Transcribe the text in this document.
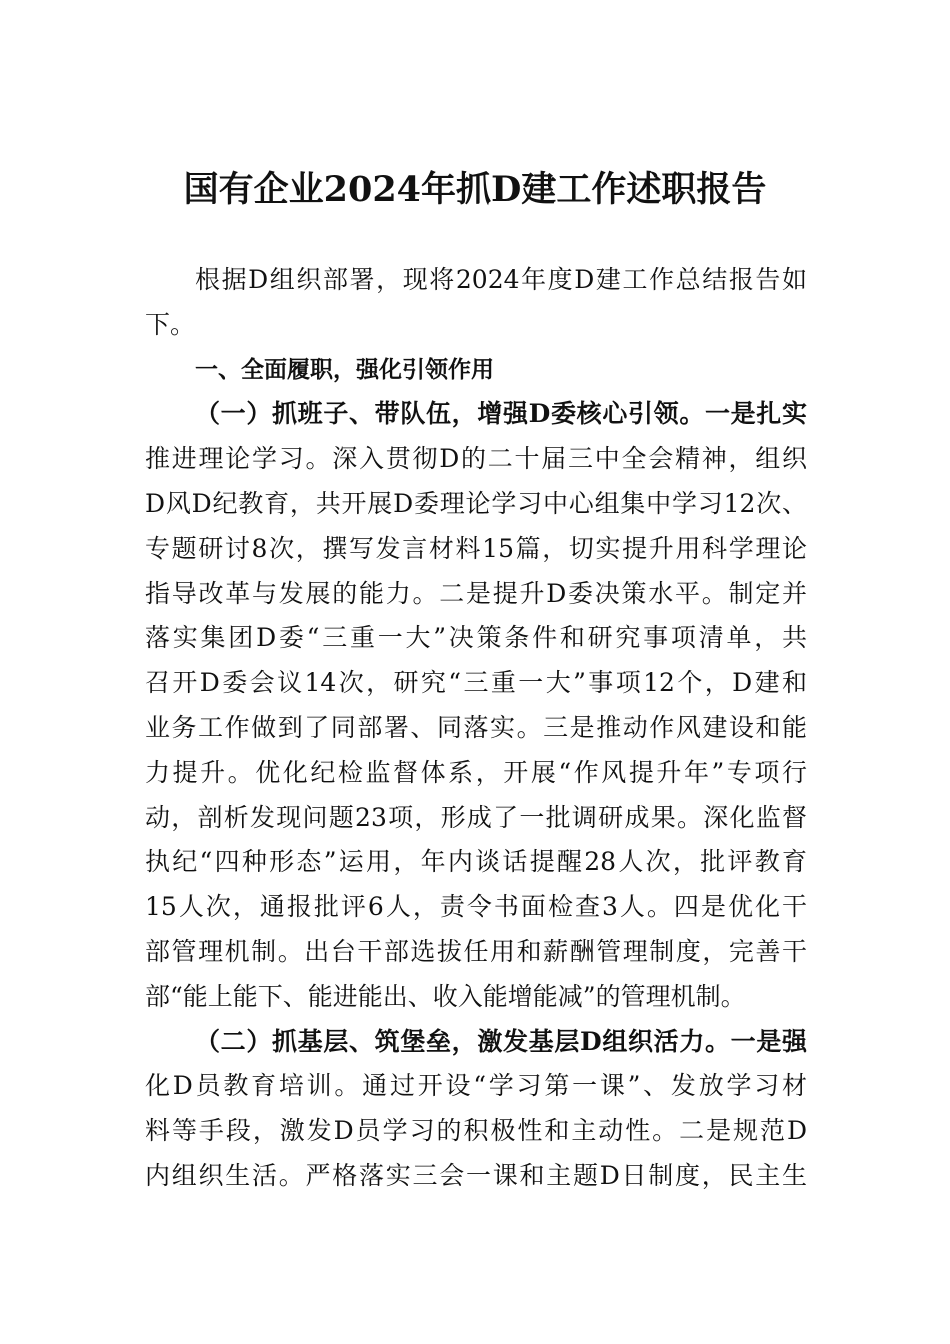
国有企业2024年抓D建工作述职报告
根据D组织部署，现将2024年度D建工作总结报告如
下。
一、全面履职，强化引领作用
（一）抓班子、带队伍，增强D委核心引领。一是扎实
推进理论学习。深入贯彻D的二十届三中全会精神，组织
D风D纪教育，共开展D委理论学习中心组集中学习12次、
专题研讨8次，撰写发言材料15篇，切实提升用科学理论
指导改革与发展的能力。二是提升D委决策水平。制定并
落实集团D委“三重一大”决策条件和研究事项清单，共
召开D委会议14次，研究“三重一大”事项12个，D建和
业务工作做到了同部署、同落实。三是推动作风建设和能
力提升。优化纪检监督体系，开展“作风提升年”专项行
动，剖析发现问题23项，形成了一批调研成果。深化监督
执纪“四种形态”运用，年内谈话提醒28人次，批评教育
15人次，通报批评6人，责令书面检查3人。四是优化干
部管理机制。出台干部选拔任用和薪酬管理制度，完善干
部“能上能下、能进能出、收入能增能减”的管理机制。
（二）抓基层、筑堡垒，激发基层D组织活力。一是强
化D员教育培训。通过开设“学习第一课”、发放学习材
料等手段，激发D员学习的积极性和主动性。二是规范D
内组织生活。严格落实三会一课和主题D日制度，民主生
